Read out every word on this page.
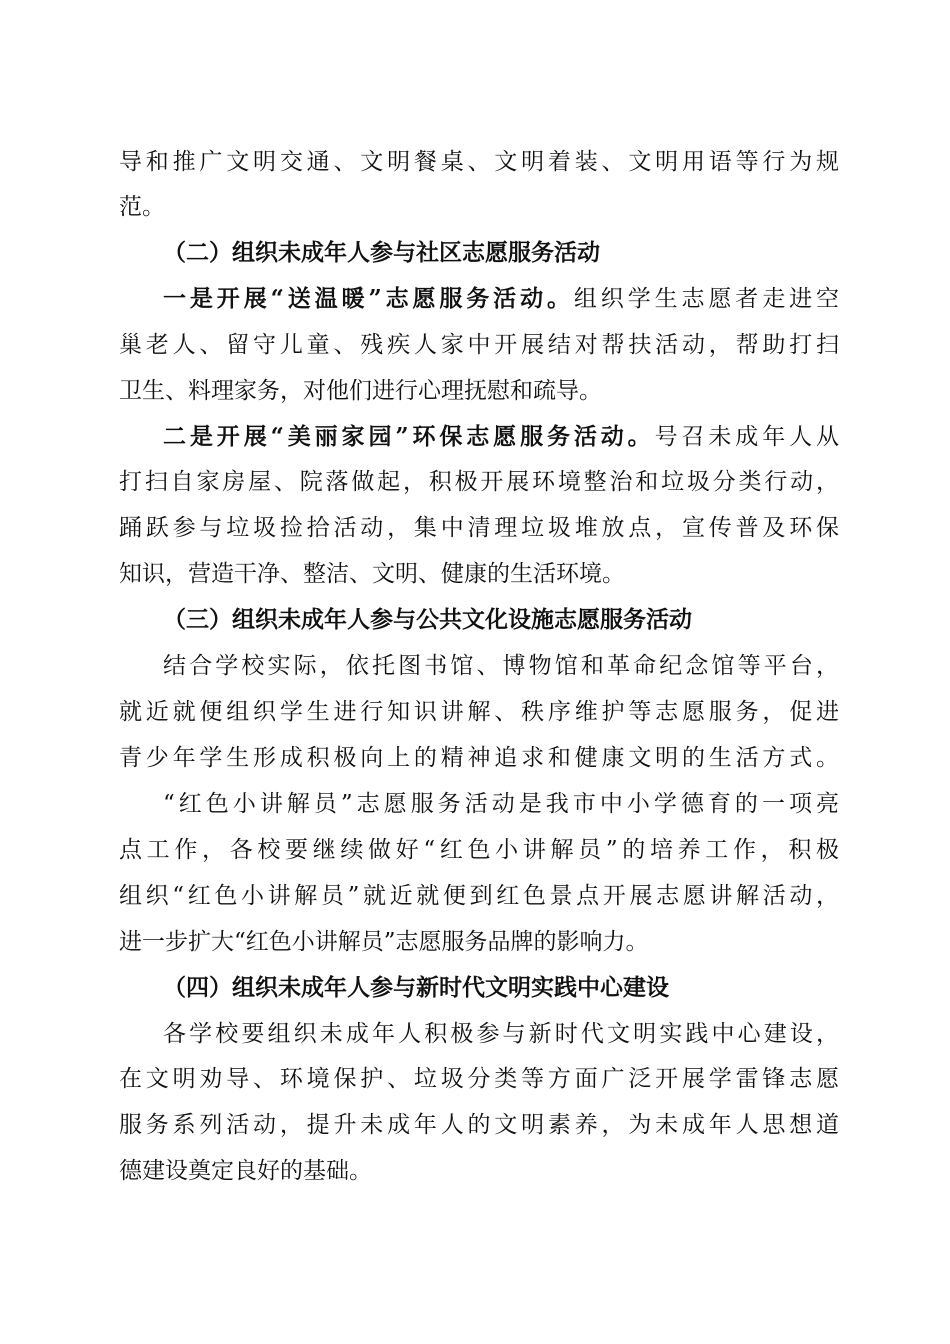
导和推广文明交通、文明餐桌、文明着装、文明用语等行为规
范。
（二）组织未成年人参与社区志愿服务活动
一是开展“送温暖”志愿服务活动。组织学生志愿者走进空
巢老人、留守儿童、残疾人家中开展结对帮扶活动，帮助打扫
卫生、料理家务，对他们进行心理抚慰和疏导。
二是开展“美丽家园”环保志愿服务活动。号召未成年人从
打扫自家房屋、院落做起，积极开展环境整治和垃圾分类行动，
踊跃参与垃圾捡拾活动，集中清理垃圾堆放点，宣传普及环保
知识，营造干净、整洁、文明、健康的生活环境。
（三）组织未成年人参与公共文化设施志愿服务活动
结合学校实际，依托图书馆、博物馆和革命纪念馆等平台，
就近就便组织学生进行知识讲解、秩序维护等志愿服务，促进
青少年学生形成积极向上的精神追求和健康文明的生活方式。
“红色小讲解员”志愿服务活动是我市中小学德育的一项亮
点工作，各校要继续做好“红色小讲解员”的培养工作，积极
组织“红色小讲解员”就近就便到红色景点开展志愿讲解活动，
进一步扩大“红色小讲解员”志愿服务品牌的影响力。
（四）组织未成年人参与新时代文明实践中心建设
各学校要组织未成年人积极参与新时代文明实践中心建设，
在文明劝导、环境保护、垃圾分类等方面广泛开展学雷锋志愿
服务系列活动，提升未成年人的文明素养，为未成年人思想道
德建设奠定良好的基础。
